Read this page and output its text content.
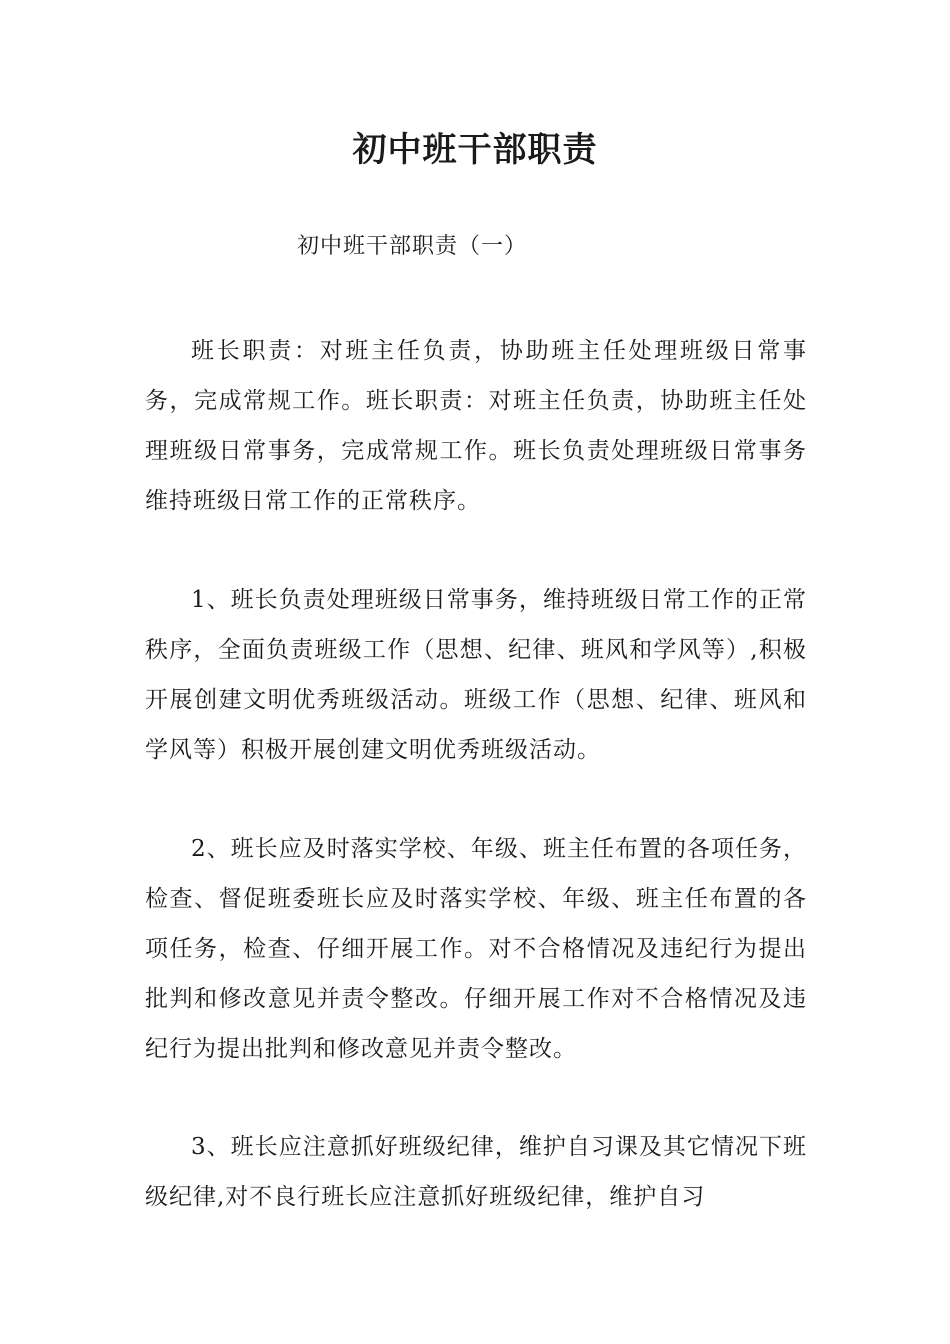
初中班干部职责

初中班干部职责（一）

班长职责：对班主任负责，协助班主任处理班级日常事务，完成常规工作。班长职责：对班主任负责，协助班主任处理班级日常事务，完成常规工作。班长负责处理班级日常事务维持班级日常工作的正常秩序。

1、班长负责处理班级日常事务，维持班级日常工作的正常秩序，全面负责班级工作（思想、纪律、班风和学风等）,积极开展创建文明优秀班级活动。班级工作（思想、纪律、班风和学风等）积极开展创建文明优秀班级活动。

2、班长应及时落实学校、年级、班主任布置的各项任务，检查、督促班委班长应及时落实学校、年级、班主任布置的各项任务，检查、仔细开展工作。对不合格情况及违纪行为提出批判和修改意见并责令整改。仔细开展工作对不合格情况及违纪行为提出批判和修改意见并责令整改。

3、班长应注意抓好班级纪律，维护自习课及其它情况下班级纪律,对不良行班长应注意抓好班级纪律，维护自习
